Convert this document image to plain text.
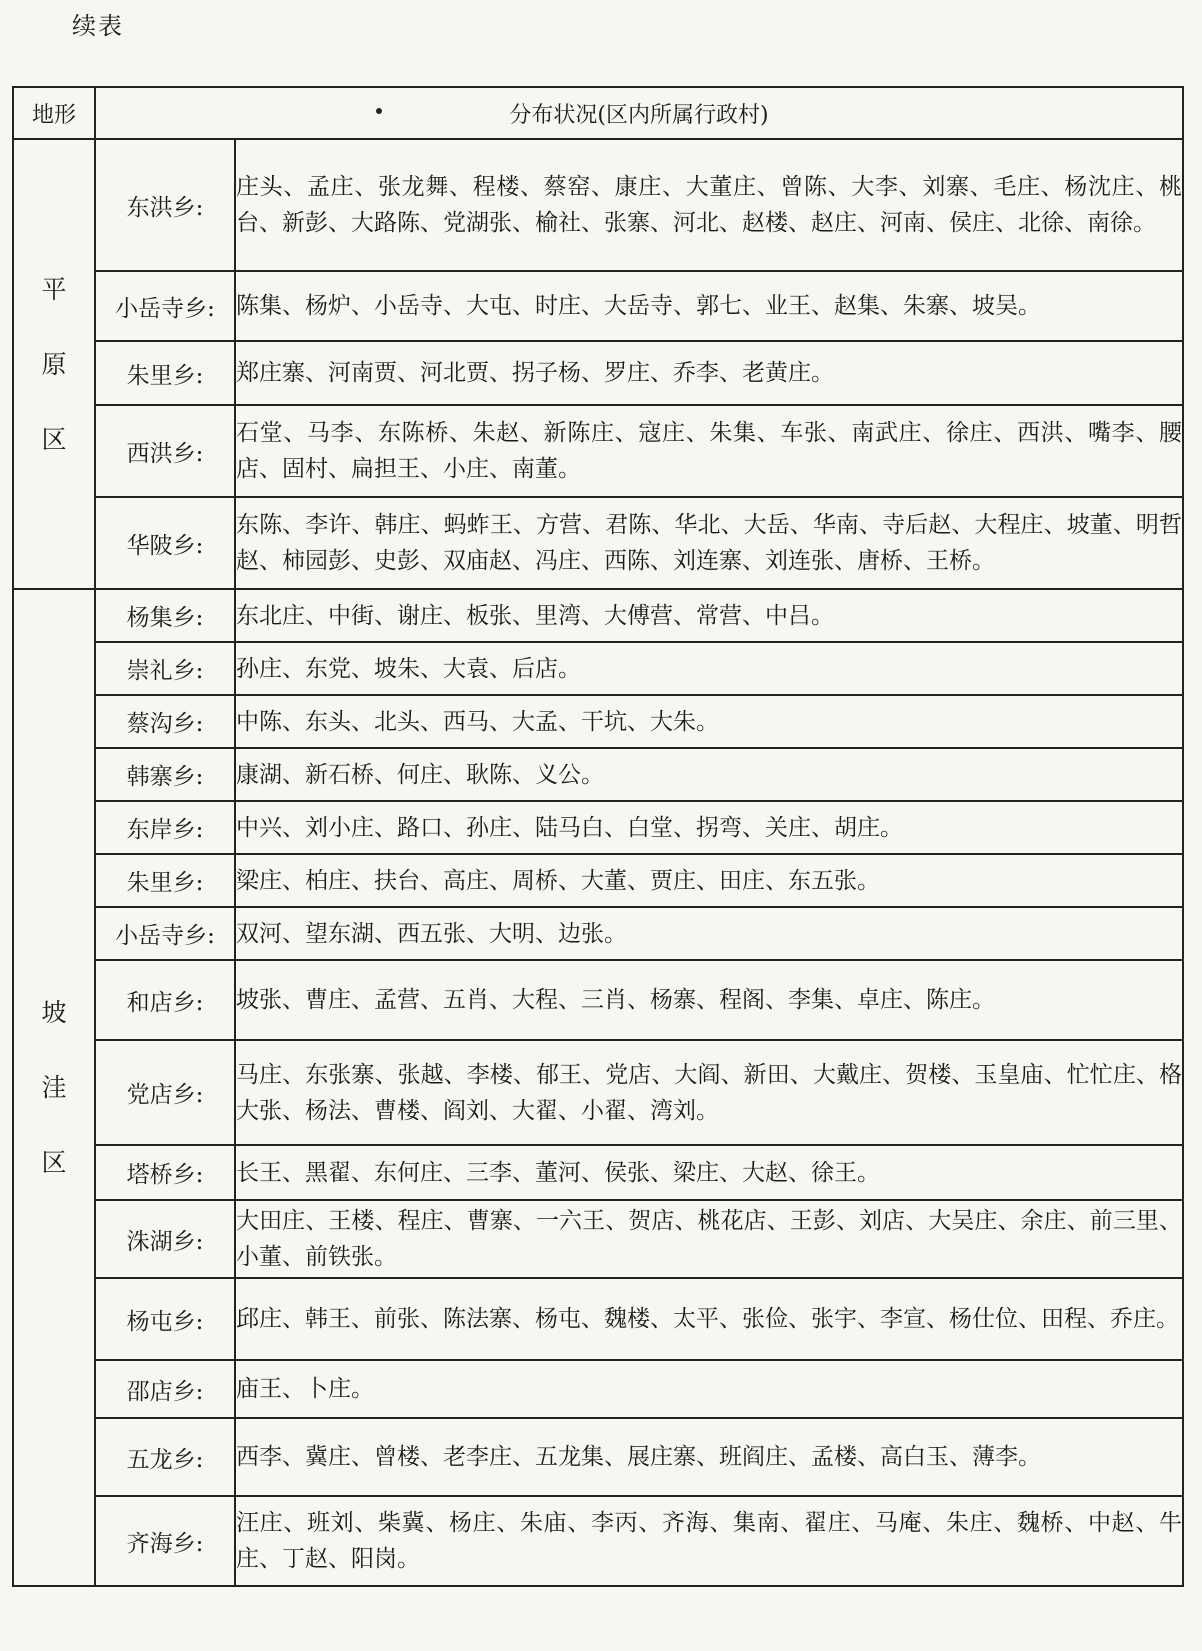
续表
地形	分布状况(区内所属行政村)	

平
原
区	东洪乡:	庄头、孟庄、张龙舞、程楼、蔡窑、康庄、大董庄、曾陈、大李、刘寨、毛庄、杨沈庄、桃台、新彭、大路陈、党湖张、榆社、张寨、河北、赵楼、赵庄、河南、侯庄、北徐、南徐。
	小岳寺乡:	陈集、杨炉、小岳寺、大屯、时庄、大岳寺、郭七、业王、赵集、朱寨、坡吴。
	朱里乡:	郑庄寨、河南贾、河北贾、拐子杨、罗庄、乔李、老黄庄。
	西洪乡:	石堂、马李、东陈桥、朱赵、新陈庄、寇庄、朱集、车张、南武庄、徐庄、西洪、嘴李、腰店、固村、扁担王、小庄、南董。
	华陂乡:	东陈、李许、韩庄、蚂蚱王、方营、君陈、华北、大岳、华南、寺后赵、大程庄、坡董、明哲赵、柿园彭、史彭、双庙赵、冯庄、西陈、刘连寨、刘连张、唐桥、王桥。

坡
洼
区	杨集乡:	东北庄、中街、谢庄、板张、里湾、大傅营、常营、中吕。
	崇礼乡:	孙庄、东党、坡朱、大袁、后店。
	蔡沟乡:	中陈、东头、北头、西马、大孟、干坑、大朱。
	韩寨乡:	康湖、新石桥、何庄、耿陈、义公。
	东岸乡:	中兴、刘小庄、路口、孙庄、陆马白、白堂、拐弯、关庄、胡庄。
	朱里乡:	梁庄、柏庄、扶台、高庄、周桥、大董、贾庄、田庄、东五张。
	小岳寺乡:	双河、望东湖、西五张、大明、边张。
	和店乡:	坡张、曹庄、孟营、五肖、大程、三肖、杨寨、程阁、李集、卓庄、陈庄。
	党店乡:	马庄、东张寨、张越、李楼、郁王、党店、大阎、新田、大戴庄、贺楼、玉皇庙、忙忙庄、格大张、杨法、曹楼、阎刘、大翟、小翟、湾刘。
	塔桥乡:	长王、黑翟、东何庄、三李、董河、侯张、梁庄、大赵、徐王。
	洙湖乡:	大田庄、王楼、程庄、曹寨、一六王、贺店、桃花店、王彭、刘店、大吴庄、余庄、前三里、小董、前铁张。
	杨屯乡:	邱庄、韩王、前张、陈法寨、杨屯、魏楼、太平、张俭、张宇、李宣、杨仕位、田程、乔庄。
	邵店乡:	庙王、卜庄。
	五龙乡:	西李、冀庄、曾楼、老李庄、五龙集、展庄寨、班阎庄、孟楼、高白玉、薄李。
	齐海乡:	汪庄、班刘、柴冀、杨庄、朱庙、李丙、齐海、集南、翟庄、马庵、朱庄、魏桥、中赵、牛庄、丁赵、阳岗。
